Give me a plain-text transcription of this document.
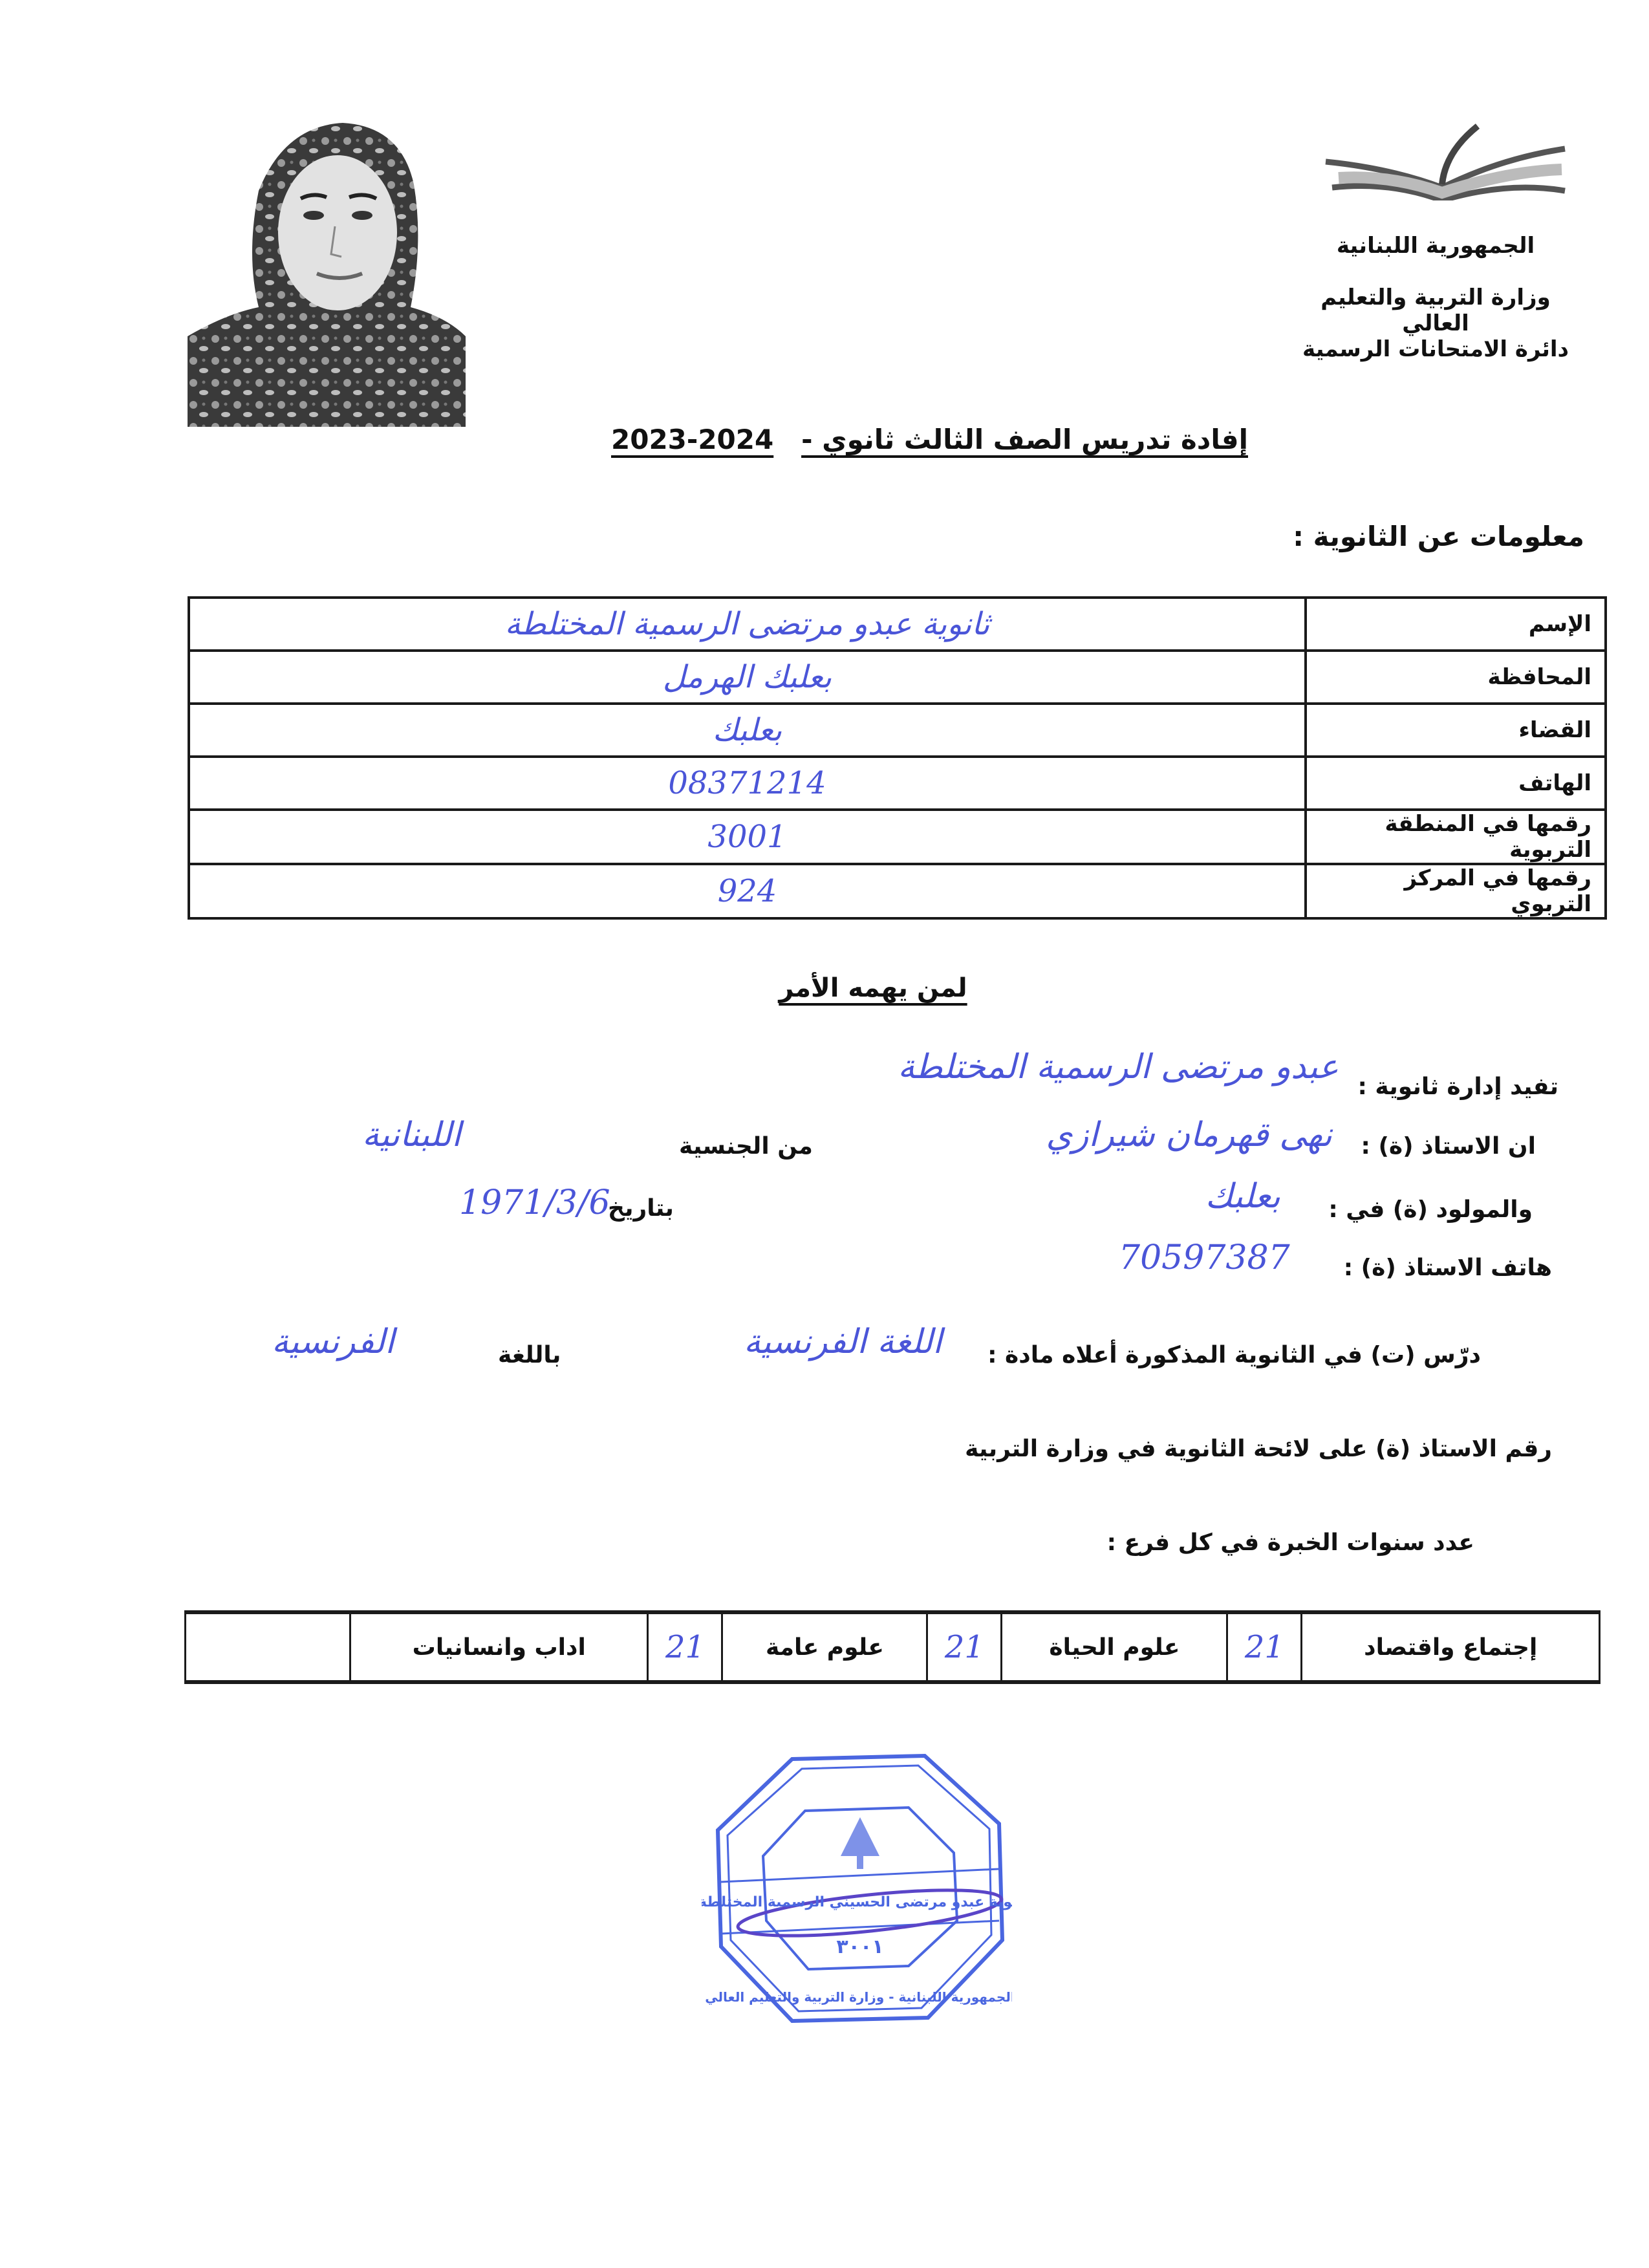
الجمهورية اللبنانية
وزارة التربية والتعليم العالي
دائرة الامتحانات الرسمية
إفادة تدريس الصف الثالث ثانوي -
2023-2024
معلومات عن الثانوية :
الإسم	ثانوية عبدو مرتضى الرسمية المختلطة
المحافظة	بعلبك الهرمل
القضاء	بعلبك
الهاتف	08371214
رقمها في المنطقة التربوية	3001
رقمها في المركز التربوي	924
لمن يهمه الأمر
تفيد إدارة ثانوية :
عبدو مرتضى الرسمية المختلطة
ان الاستاذ (ة) :
نهى قهرمان شيرازي
من الجنسية
اللبنانية
والمولود (ة) في :
بعلبك
بتاريخ
1971/3/6
هاتف الاستاذ (ة) :
70597387
درّس (ت) في الثانوية المذكورة أعلاه مادة :
اللغة الفرنسية
باللغة
الفرنسية
رقم الاستاذ (ة) على لائحة الثانوية في وزارة التربية
عدد سنوات الخبرة في كل فرع :
إجتماع واقتصاد	21	علوم الحياة	21	علوم عامة	21	اداب وانسانيات	
ثانوية عبدو مرتضى الحسيني الرسمية المختلطة
٣٠٠١
الجمهورية اللبنانية - وزارة التربية والتعليم العالي
